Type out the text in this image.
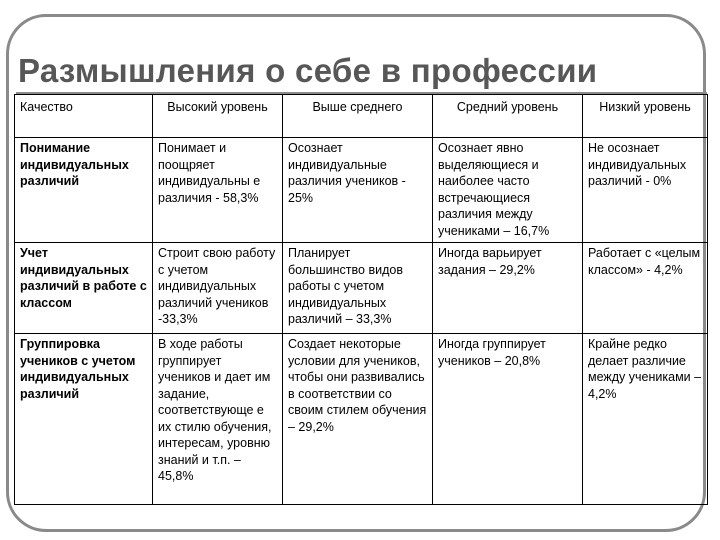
Размышления о себе в профессии
Качество	Высокий уровень	Выше среднего	Средний уровень	Низкий уровень
Понимание индивидуальных различий	Понимает и поощряет индивидуальны е различия - 58,3%	Осознает индивидуальные различия учеников - 25%	Осознает явно выделяющиеся и наиболее часто встречающиеся различия между учениками – 16,7%	Не осознает индивидуальных различий - 0%
Учет индивидуальных различий в работе с классом	Строит свою работу с учетом индивидуальных различий учеников -33,3%	Планирует большинство видов работы с учетом индивидуальных различий – 33,3%	Иногда варьирует задания – 29,2%	Работает с «целым классом» - 4,2%
Группировка учеников с учетом индивидуальных различий	В ходе работы группирует учеников и дает им задание, соответствующе е их стилю обучения, интересам, уровню знаний и т.п. – 45,8%	Создает некоторые условии для учеников, чтобы они развивались в соответствии со своим стилем обучения – 29,2%	Иногда группирует учеников – 20,8%	Крайне редко делает различие между учениками – 4,2%
